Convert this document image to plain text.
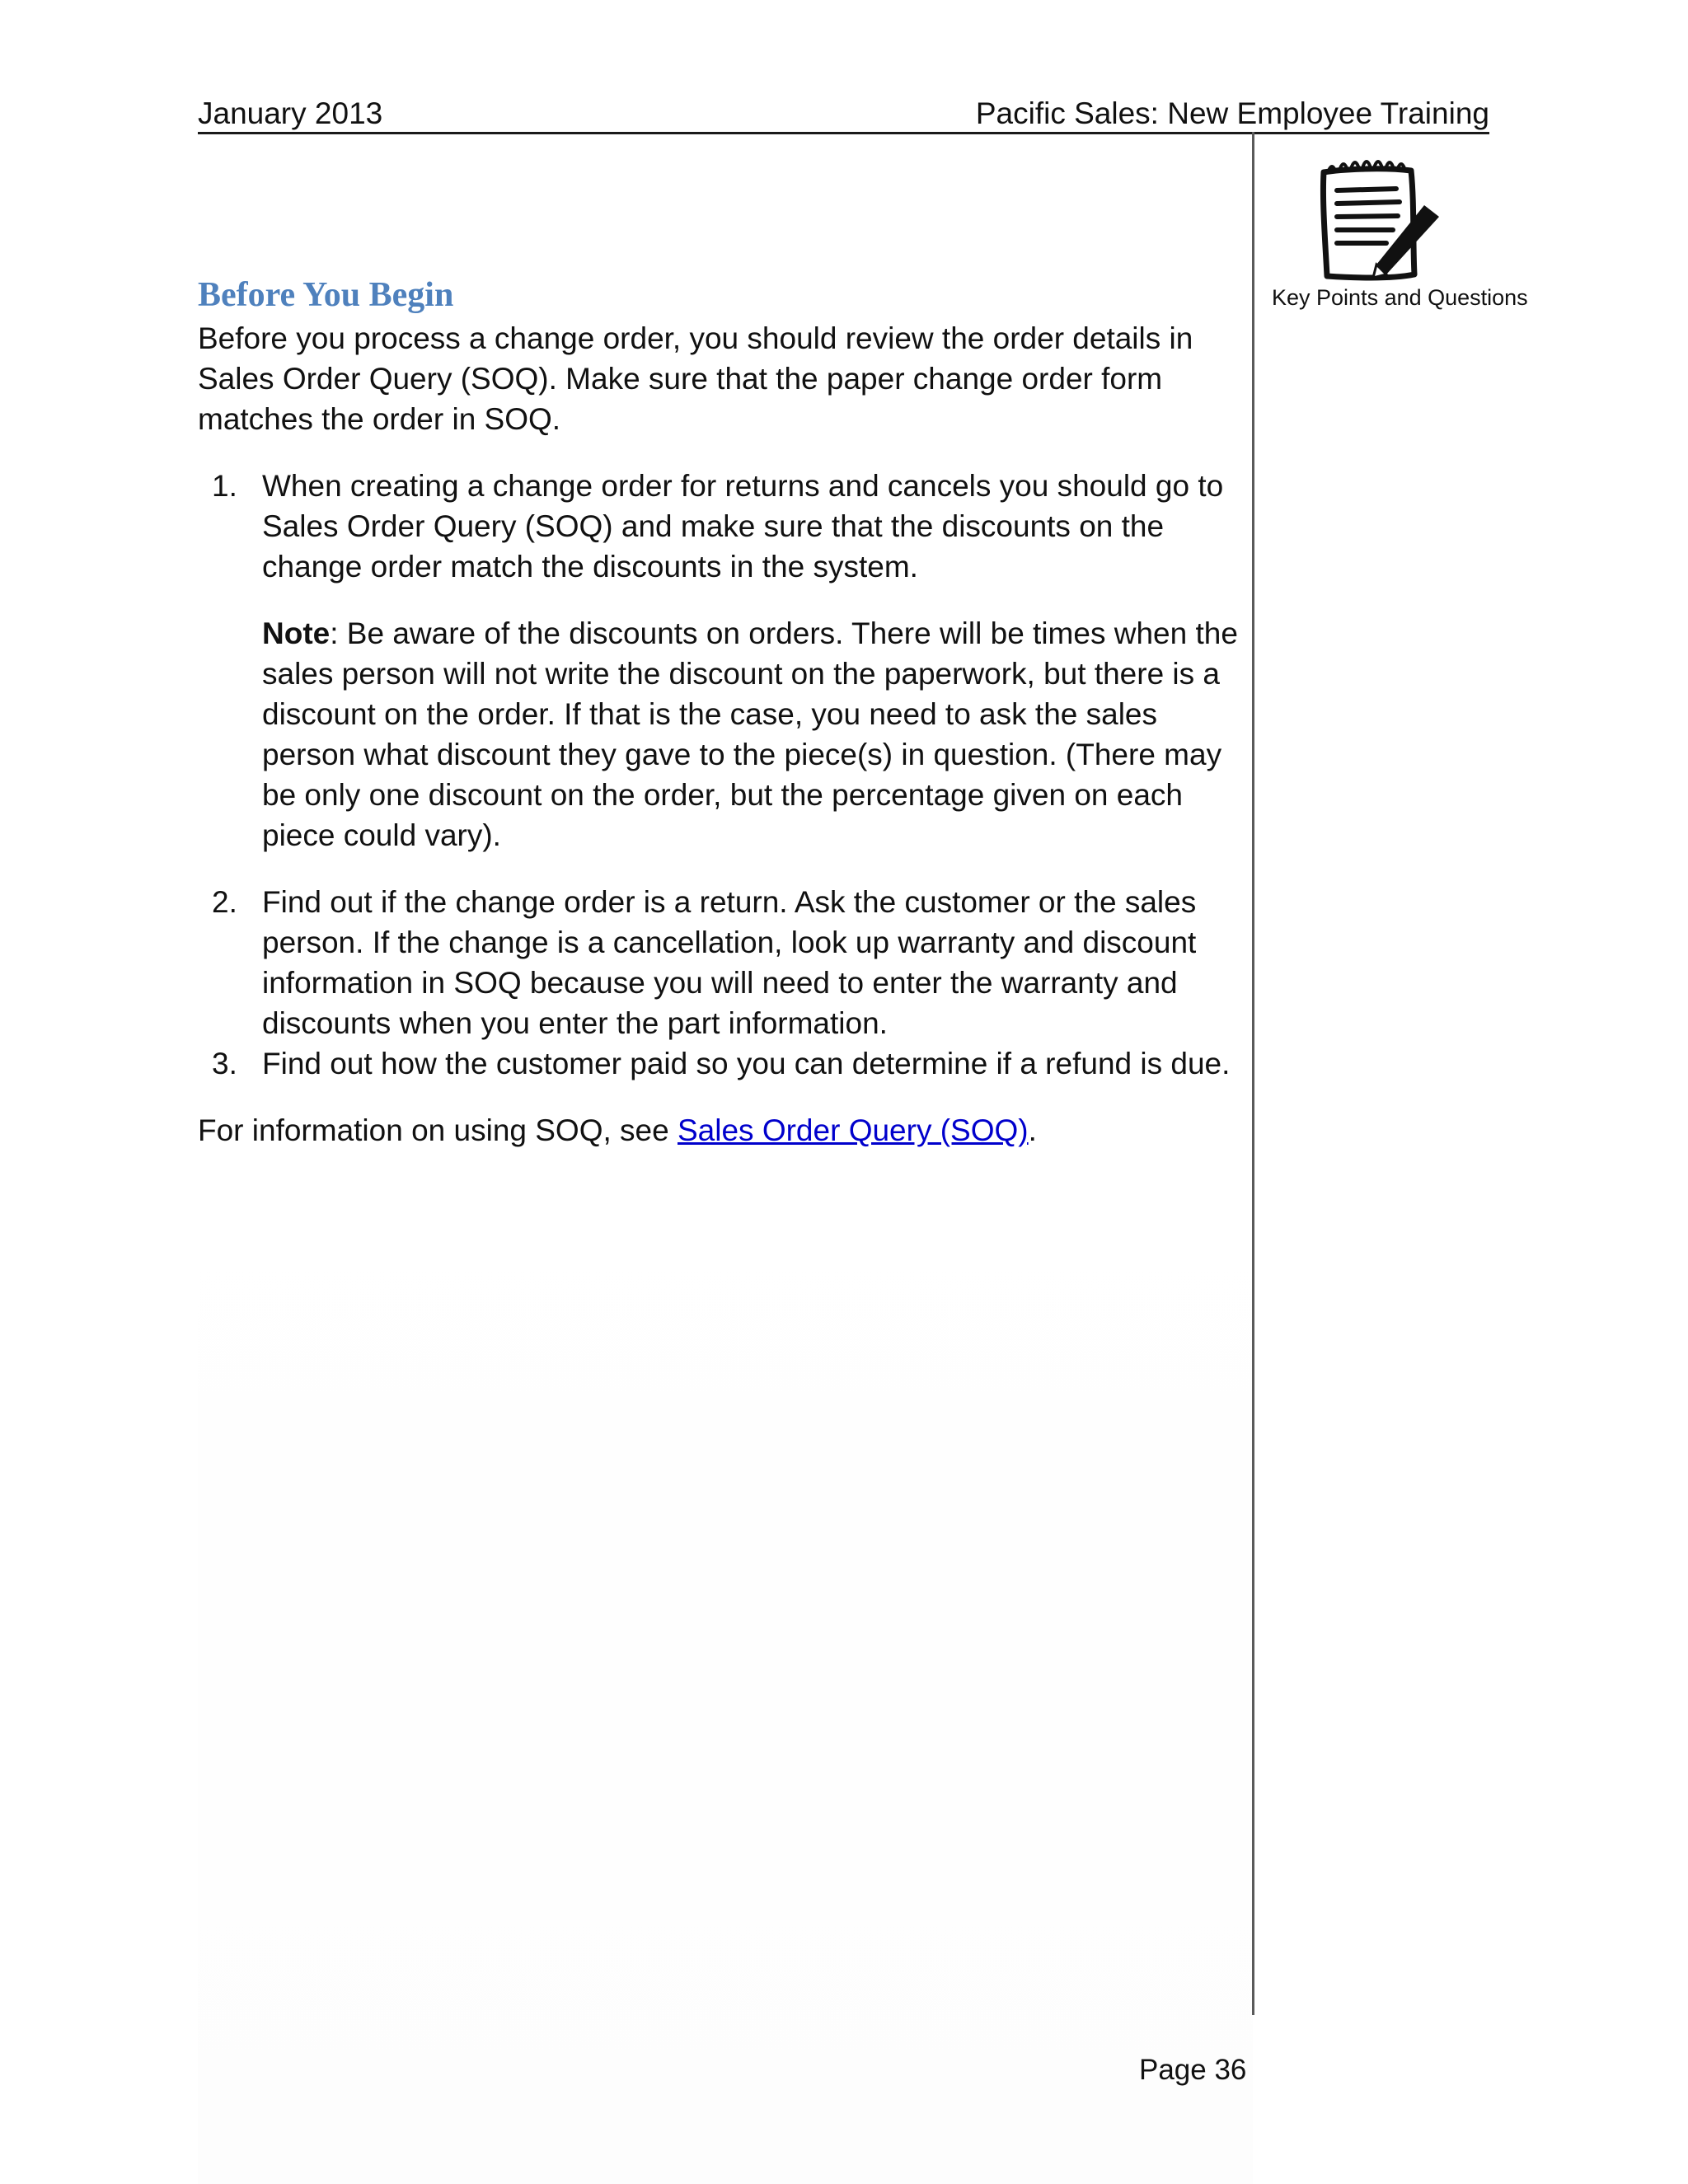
January 2013	Pacific Sales: New Employee Training
Key Points and Questions
Before You Begin

Before you process a change order, you should review the order details in Sales Order Query (SOQ). Make sure that the paper change order form matches the order in SOQ.

1. When creating a change order for returns and cancels you should go to Sales Order Query (SOQ) and make sure that the discounts on the change order match the discounts in the system.

Note: Be aware of the discounts on orders. There will be times when the sales person will not write the discount on the paperwork, but there is a discount on the order. If that is the case, you need to ask the sales person what discount they gave to the piece(s) in question. (There may be only one discount on the order, but the percentage given on each piece could vary).

2. Find out if the change order is a return. Ask the customer or the sales person. If the change is a cancellation, look up warranty and discount information in SOQ because you will need to enter the warranty and discounts when you enter the part information.

3. Find out how the customer paid so you can determine if a refund is due.

For information on using SOQ, see Sales Order Query (SOQ).

Page 36
